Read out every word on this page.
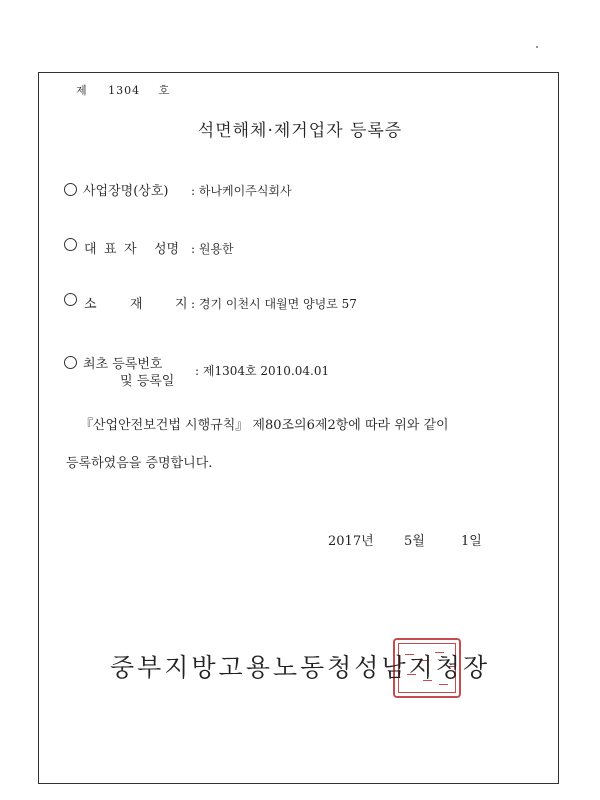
제 1304 호
석면해체·제거업자 등록증
사업장명(상호) : 하나케이주식회사
대 표 자 성명 : 원용한
소	재 지 : 경기 이천시 대월면 양녕로 57
최초 등록번호
및 등록일
: 제1304호 2010.04.01
『산업안전보건법 시행규칙』 제80조의6제2항에 따라 위와 같이
등록하였음을 증명합니다.
2017년 5월	1일
중부지방고용노동청성남지청장
